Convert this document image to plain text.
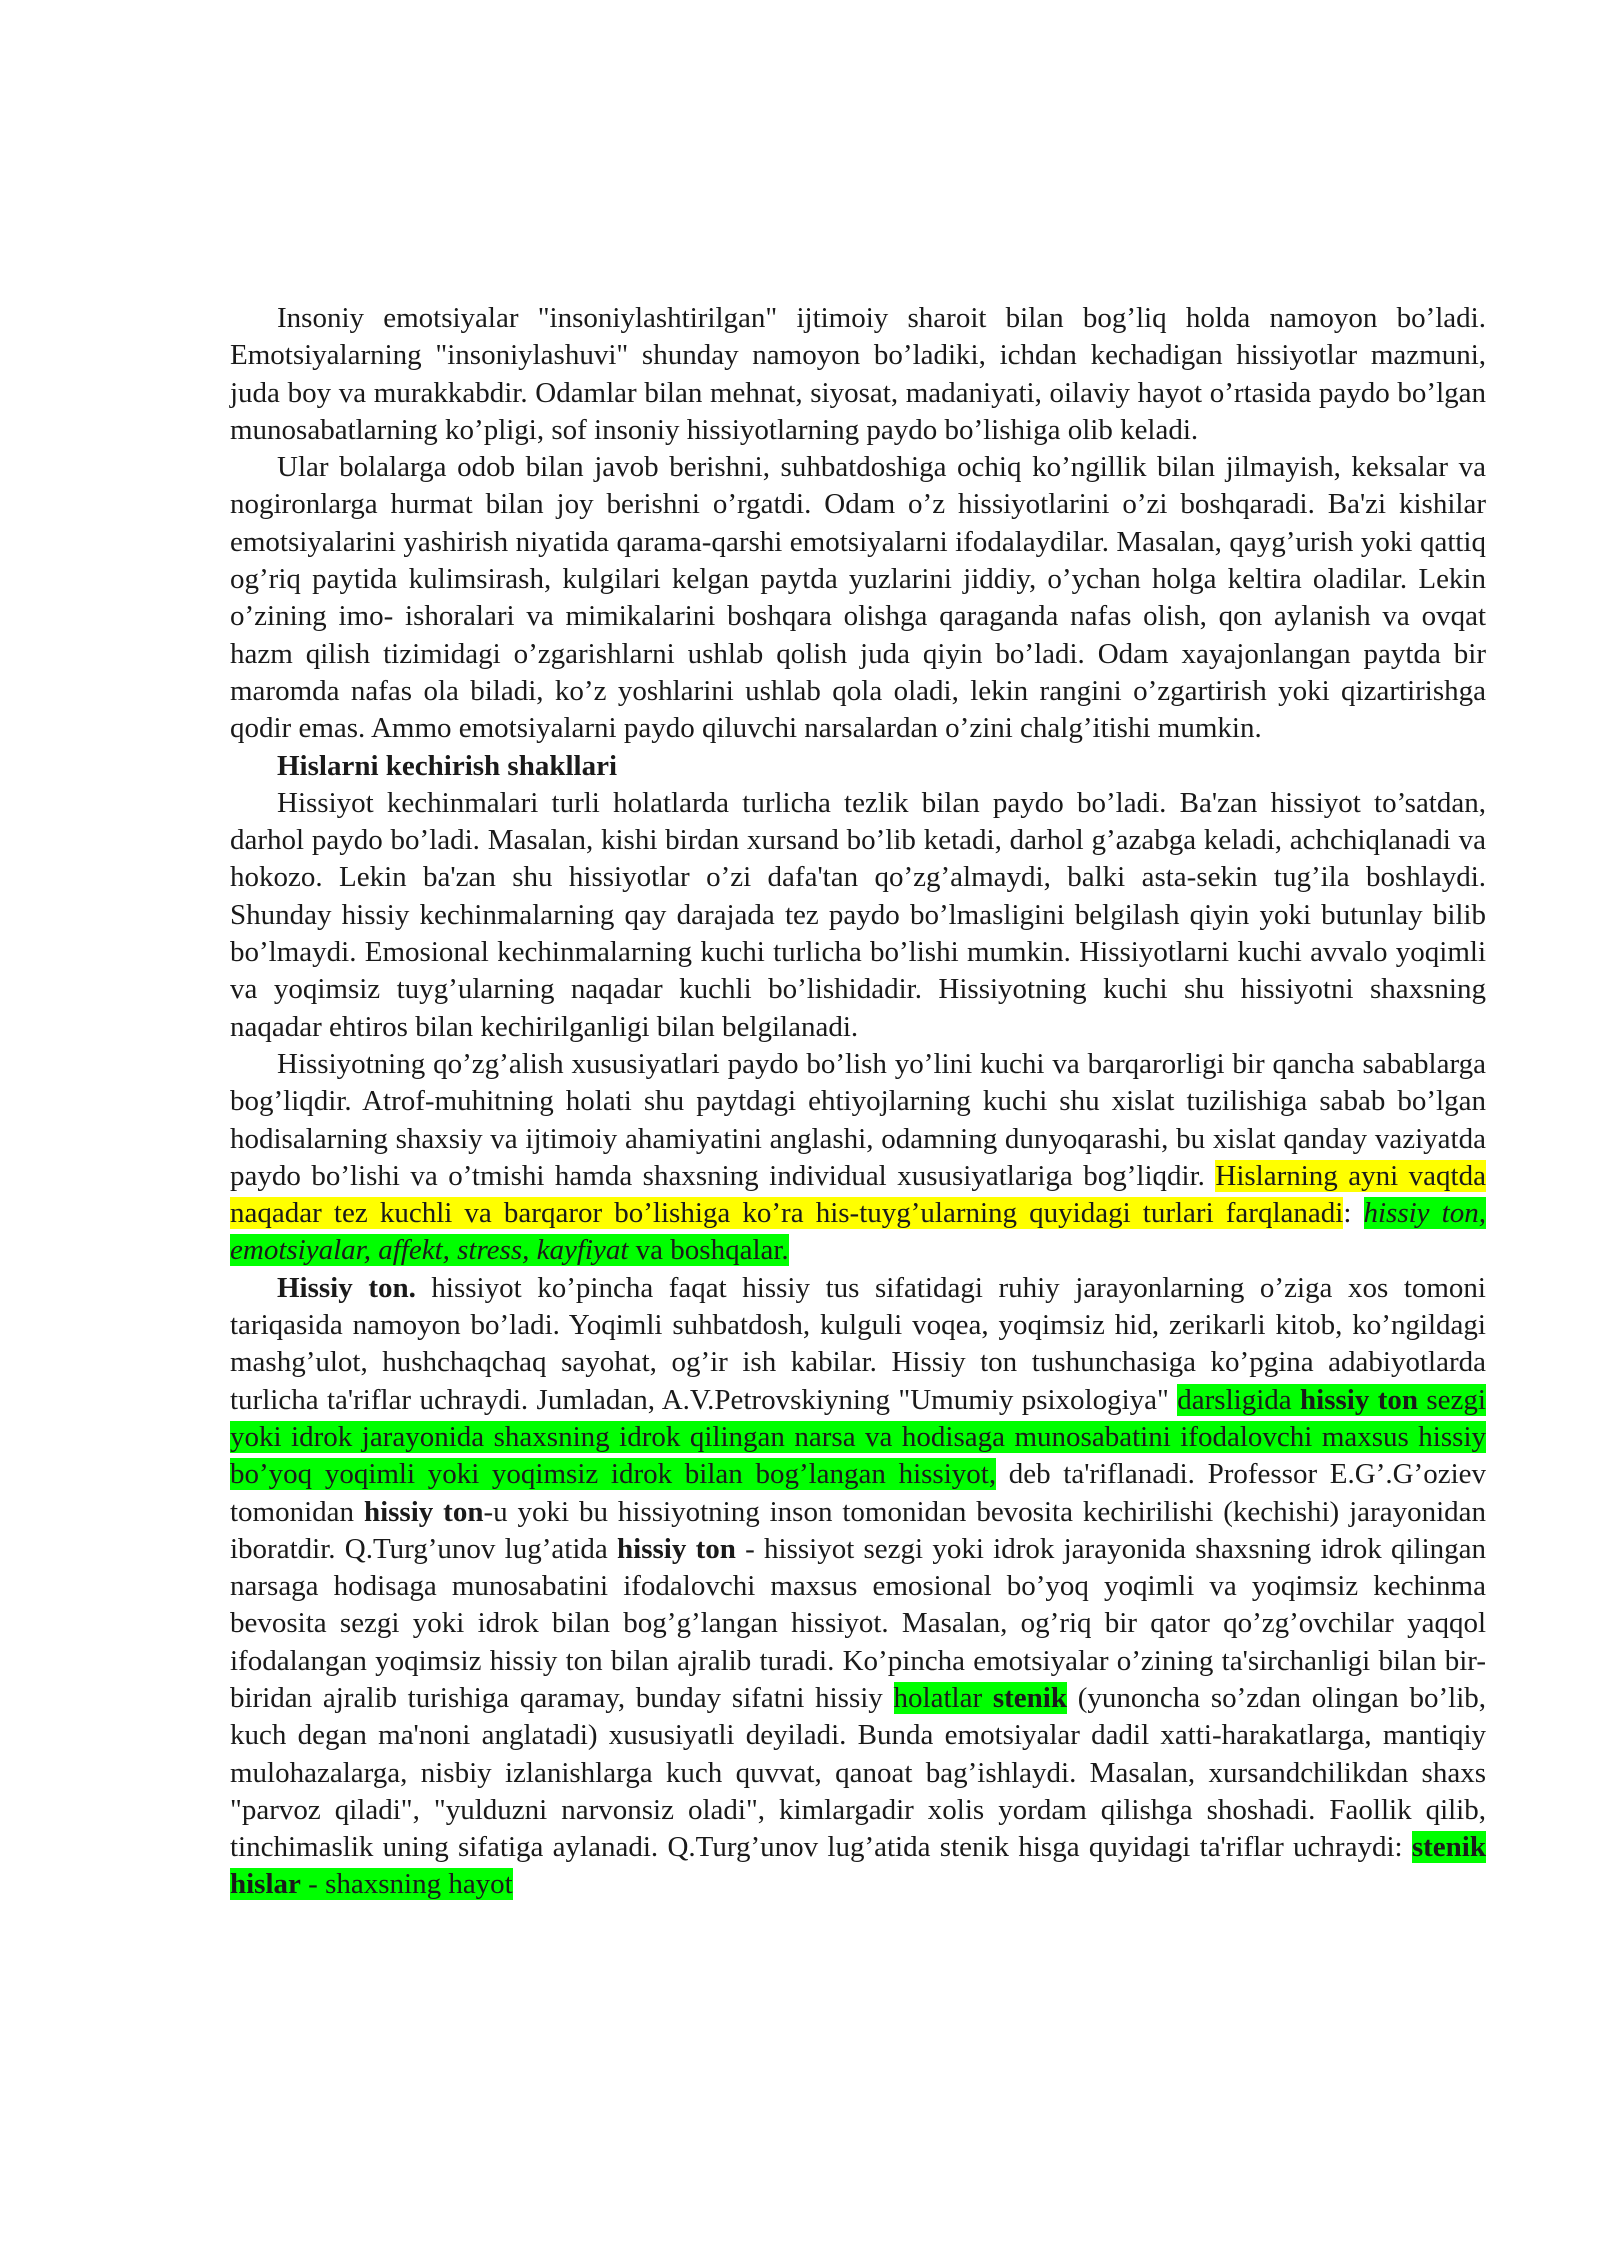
Insoniy emotsiyalar "insoniylashtirilgan" ijtimoiy sharoit bilan bog’liq holda namoyon bo’ladi. Emotsiyalarning "insoniylashuvi" shunday namoyon bo’ladiki, ichdan kechadigan hissiyotlar mazmuni, juda boy va murakkabdir. Odamlar bilan mehnat, siyosat, madaniyati, oilaviy hayot o’rtasida paydo bo’lgan munosabatlarning ko’pligi, sof insoniy hissiyotlarning paydo bo’lishiga olib keladi.

Ular bolalarga odob bilan javob berishni, suhbatdoshiga ochiq ko’ngillik bilan jilmayish, keksalar va nogironlarga hurmat bilan joy berishni o’rgatdi. Odam o’z hissiyotlarini o’zi boshqaradi. Ba'zi kishilar emotsiyalarini yashirish niyatida qarama-qarshi emotsiyalarni ifodalaydilar. Masalan, qayg’urish yoki qattiq og’riq paytida kulimsirash, kulgilari kelgan paytda yuzlarini jiddiy, o’ychan holga keltira oladilar. Lekin o’zining imo- ishoralari va mimikalarini boshqara olishga qaraganda nafas olish, qon aylanish va ovqat hazm qilish tizimidagi o’zgarishlarni ushlab qolish juda qiyin bo’ladi. Odam xayajonlangan paytda bir maromda nafas ola biladi, ko’z yoshlarini ushlab qola oladi, lekin rangini o’zgartirish yoki qizartirishga qodir emas. Ammo emotsiyalarni paydo qiluvchi narsalardan o’zini chalg’itishi mumkin.

Hislarni kechirish shakllari

Hissiyot kechinmalari turli holatlarda turlicha tezlik bilan paydo bo’ladi. Ba'zan hissiyot to’satdan, darhol paydo bo’ladi. Masalan, kishi birdan xursand bo’lib ketadi, darhol g’azabga keladi, achchiqlanadi va hokozo. Lekin ba'zan shu hissiyotlar o’zi dafa'tan qo’zg’almaydi, balki asta-sekin tug’ila boshlaydi. Shunday hissiy kechinmalarning qay darajada tez paydo bo’lmasligini belgilash qiyin yoki butunlay bilib bo’lmaydi. Emosional kechinmalarning kuchi turlicha bo’lishi mumkin. Hissiyotlarni kuchi avvalo yoqimli va yoqimsiz tuyg’ularning naqadar kuchli bo’lishidadir. Hissiyotning kuchi shu hissiyotni shaxsning naqadar ehtiros bilan kechirilganligi bilan belgilanadi.

Hissiyotning qo’zg’alish xususiyatlari paydo bo’lish yo’lini kuchi va barqarorligi bir qancha sabablarga bog’liqdir. Atrof-muhitning holati shu paytdagi ehtiyojlarning kuchi shu xislat tuzilishiga sabab bo’lgan hodisalarning shaxsiy va ijtimoiy ahamiyatini anglashi, odamning dunyoqarashi, bu xislat qanday vaziyatda paydo bo’lishi va o’tmishi hamda shaxsning individual xususiyatlariga bog’liqdir. Hislarning ayni vaqtda naqadar tez kuchli va barqaror bo’lishiga ko’ra his-tuyg’ularning quyidagi turlari farqlanadi: hissiy ton, emotsiyalar, affekt, stress, kayfiyat va boshqalar.

Hissiy ton. hissiyot ko’pincha faqat hissiy tus sifatidagi ruhiy jarayonlarning o’ziga xos tomoni tariqasida namoyon bo’ladi. Yoqimli suhbatdosh, kulguli voqea, yoqimsiz hid, zerikarli kitob, ko’ngildagi mashg’ulot, hushchaqchaq sayohat, og’ir ish kabilar. Hissiy ton tushunchasiga ko’pgina adabiyotlarda turlicha ta'riflar uchraydi. Jumladan, A.V.Petrovskiyning "Umumiy psixologiya" darsligida hissiy ton sezgi yoki idrok jarayonida shaxsning idrok qilingan narsa va hodisaga munosabatini ifodalovchi maxsus hissiy bo’yoq yoqimli yoki yoqimsiz idrok bilan bog’langan hissiyot, deb ta'riflanadi. Professor E.G’.G’oziev tomonidan hissiy ton-u yoki bu hissiyotning inson tomonidan bevosita kechirilishi (kechishi) jarayonidan iboratdir. Q.Turg’unov lug’atida hissiy ton - hissiyot sezgi yoki idrok jarayonida shaxsning idrok qilingan narsaga hodisaga munosabatini ifodalovchi maxsus emosional bo’yoq yoqimli va yoqimsiz kechinma bevosita sezgi yoki idrok bilan bog’g’langan hissiyot. Masalan, og’riq bir qator qo’zg’ovchilar yaqqol ifodalangan yoqimsiz hissiy ton bilan ajralib turadi. Ko’pincha emotsiyalar o’zining ta'sirchanligi bilan bir-biridan ajralib turishiga qaramay, bunday sifatni hissiy holatlar stenik (yunoncha so’zdan olingan bo’lib, kuch degan ma'noni anglatadi) xususiyatli deyiladi. Bunda emotsiyalar dadil xatti-harakatlarga, mantiqiy mulohazalarga, nisbiy izlanishlarga kuch quvvat, qanoat bag’ishlaydi. Masalan, xursandchilikdan shaxs "parvoz qiladi", "yulduzni narvonsiz oladi", kimlargadir xolis yordam qilishga shoshadi. Faollik qilib, tinchimaslik uning sifatiga aylanadi. Q.Turg’unov lug’atida stenik hisga quyidagi ta'riflar uchraydi: stenik hislar - shaxsning hayot
